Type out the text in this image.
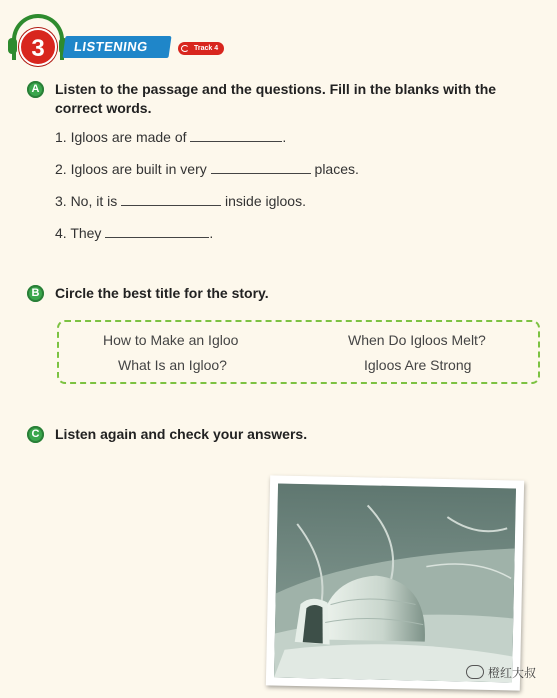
3	LISTENING	Track 4
A	Listen to the passage and the questions. Fill in the blanks with the
correct words.
1. Igloos are made of	.
2. Igloos are built in very	places.
3. No, it is	inside igloos.
4. They	.
B	Circle the best title for the story.
How to Make an Igloo	When Do Igloos Melt?
What Is an Igloo?	Igloos Are Strong
C	Listen again and check your answers.
橙红大叔
